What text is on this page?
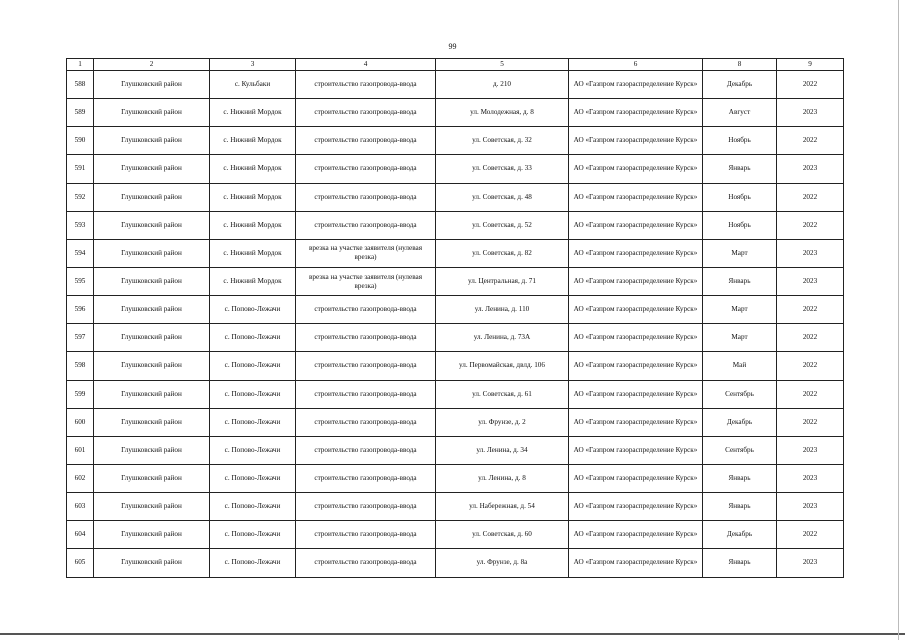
99
1	2	3	4	5	6	8	9
588	Глушковский район	с. Кульбаки	строительство газопровода-ввода	д. 210	АО «Газпром газораспределение Курск»	Декабрь	2022
589	Глушковский район	с. Нижний Мордок	строительство газопровода-ввода	ул. Молодежная, д. 8	АО «Газпром газораспределение Курск»	Август	2023
590	Глушковский район	с. Нижний Мордок	строительство газопровода-ввода	ул. Советская, д. 32	АО «Газпром газораспределение Курск»	Ноябрь	2022
591	Глушковский район	с. Нижний Мордок	строительство газопровода-ввода	ул. Советская, д. 33	АО «Газпром газораспределение Курск»	Январь	2023
592	Глушковский район	с. Нижний Мордок	строительство газопровода-ввода	ул. Советская, д. 48	АО «Газпром газораспределение Курск»	Ноябрь	2022
593	Глушковский район	с. Нижний Мордок	строительство газопровода-ввода	ул. Советская, д. 52	АО «Газпром газораспределение Курск»	Ноябрь	2022
594	Глушковский район	с. Нижний Мордок	врезка на участке заявителя (нулевая врезка)	ул. Советская, д. 82	АО «Газпром газораспределение Курск»	Март	2023
595	Глушковский район	с. Нижний Мордок	врезка на участке заявителя (нулевая врезка)	ул. Центральная, д. 71	АО «Газпром газораспределение Курск»	Январь	2023
596	Глушковский район	с. Попово-Лежачи	строительство газопровода-ввода	ул. Ленина, д. 110	АО «Газпром газораспределение Курск»	Март	2022
597	Глушковский район	с. Попово-Лежачи	строительство газопровода-ввода	ул. Ленина, д. 73А	АО «Газпром газораспределение Курск»	Март	2022
598	Глушковский район	с. Попово-Лежачи	строительство газопровода-ввода	ул. Первомайская, двлд. 106	АО «Газпром газораспределение Курск»	Май	2022
599	Глушковский район	с. Попово-Лежачи	строительство газопровода-ввода	ул. Советская, д. 61	АО «Газпром газораспределение Курск»	Сентябрь	2022
600	Глушковский район	с. Попово-Лежачи	строительство газопровода-ввода	ул. Фрунзе, д. 2	АО «Газпром газораспределение Курск»	Декабрь	2022
601	Глушковский район	с. Попово-Лежачи	строительство газопровода-ввода	ул. Ленина, д. 34	АО «Газпром газораспределение Курск»	Сентябрь	2023
602	Глушковский район	с. Попово-Лежачи	строительство газопровода-ввода	ул. Ленина, д. 8	АО «Газпром газораспределение Курск»	Январь	2023
603	Глушковский район	с. Попово-Лежачи	строительство газопровода-ввода	ул. Набережная, д. 54	АО «Газпром газораспределение Курск»	Январь	2023
604	Глушковский район	с. Попово-Лежачи	строительство газопровода-ввода	ул. Советская, д. 60	АО «Газпром газораспределение Курск»	Декабрь	2022
605	Глушковский район	с. Попово-Лежачи	строительство газопровода-ввода	ул. Фрунзе, д. 8а	АО «Газпром газораспределение Курск»	Январь	2023
